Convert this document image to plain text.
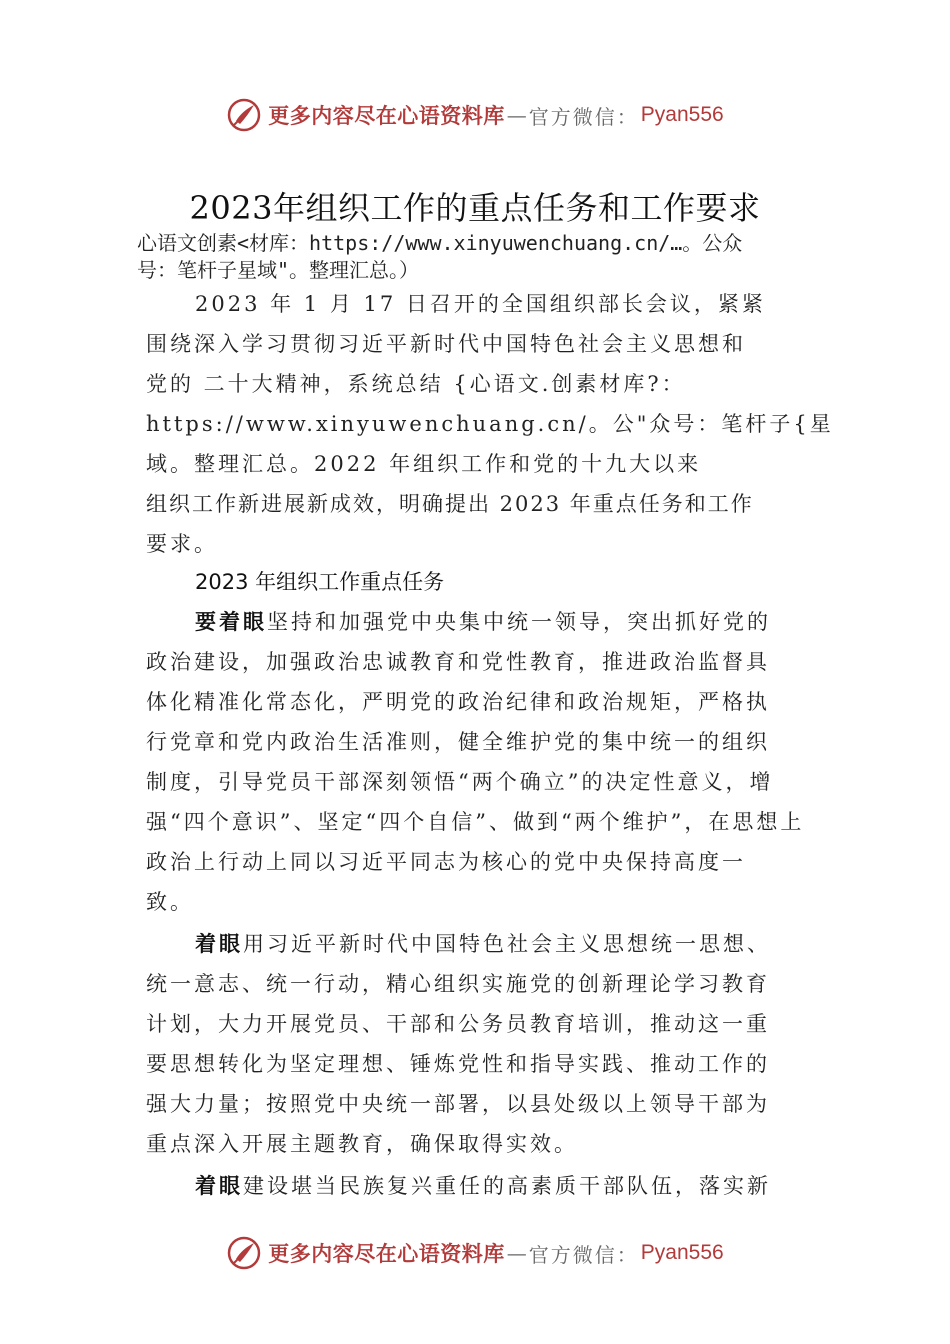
更多内容尽在心语资料库 — 官方微信： Pyan556
2023年组织工作的重点任务和工作要求
心语文创素<材库：https://www.xinyuwenchuang.cn/…。公众
号：笔杆子星域"。整理汇总。）
2023 年 1 月 17 日召开的全国组织部长会议，紧紧
围绕深入学习贯彻习近平新时代中国特色社会主义思想和
党的 二十大精神，系统总结 {心语文.创素材库?：
https://www.xinyuwenchuang.cn/。公"众号：笔杆子{星
域。整理汇总。2022 年组织工作和党的十九大以来
组织工作新进展新成效，明确提出 2023 年重点任务和工作
要求。
2023 年组织工作重点任务
要着眼坚持和加强党中央集中统一领导，突出抓好党的
政治建设，加强政治忠诚教育和党性教育，推进政治监督具
体化精准化常态化，严明党的政治纪律和政治规矩，严格执
行党章和党内政治生活准则，健全维护党的集中统一的组织
制度，引导党员干部深刻领悟“两个确立”的决定性意义，增
强“四个意识”、坚定“四个自信”、做到“两个维护”，在思想上
政治上行动上同以习近平同志为核心的党中央保持高度一
致。
着眼用习近平新时代中国特色社会主义思想统一思想、
统一意志、统一行动，精心组织实施党的创新理论学习教育
计划，大力开展党员、干部和公务员教育培训，推动这一重
要思想转化为坚定理想、锤炼党性和指导实践、推动工作的
强大力量；按照党中央统一部署，以县处级以上领导干部为
重点深入开展主题教育，确保取得实效。
着眼建设堪当民族复兴重任的高素质干部队伍，落实新
更多内容尽在心语资料库 — 官方微信： Pyan556
